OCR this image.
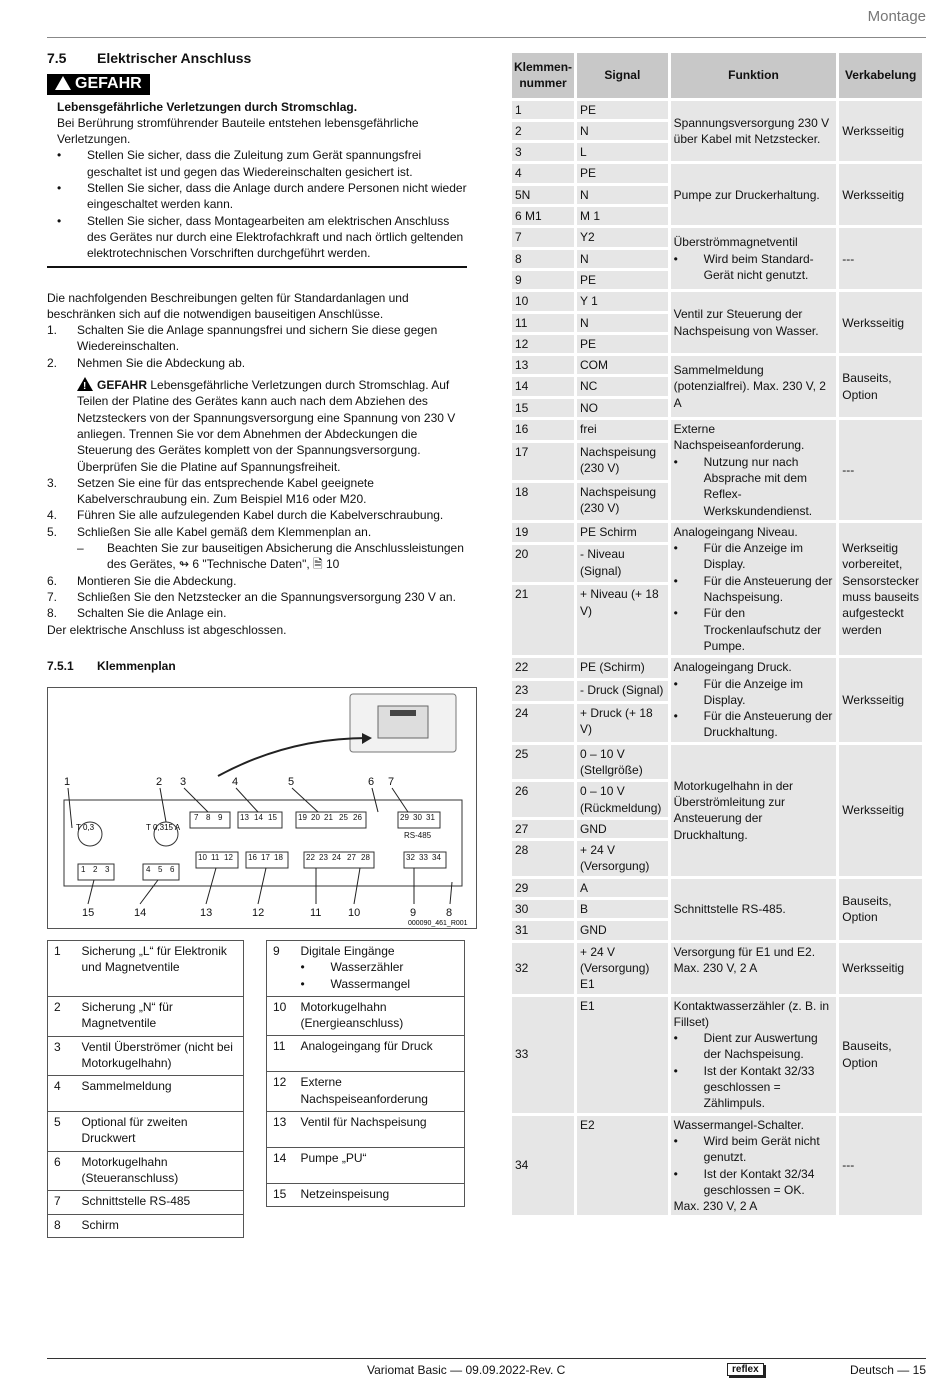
Montage
7.5 Elektrischer Anschluss
!GEFAHR
Lebensgefährliche Verletzungen durch Stromschlag.
Bei Berührung stromführender Bauteile entstehen lebensgefährliche Verletzungen.
• Stellen Sie sicher, dass die Zuleitung zum Gerät spannungsfrei geschaltet ist und gegen das Wiedereinschalten gesichert ist.
• Stellen Sie sicher, dass die Anlage durch andere Personen nicht wieder eingeschaltet werden kann.
• Stellen Sie sicher, dass Montagearbeiten am elektrischen Anschluss des Gerätes nur durch eine Elektrofachkraft und nach örtlich geltenden elektrotechnischen Vorschriften durchgeführt werden.
Die nachfolgenden Beschreibungen gelten für Standardanlagen und beschränken sich auf die notwendigen bauseitigen Anschlüsse.
1. Schalten Sie die Anlage spannungsfrei und sichern Sie diese gegen Wiedereinschalten.
2. Nehmen Sie die Abdeckung ab.
!GEFAHR Lebensgefährliche Verletzungen durch Stromschlag. Auf Teilen der Platine des Gerätes kann auch nach dem Abziehen des Netzsteckers von der Spannungsversorgung eine Spannung von 230 V anliegen. Trennen Sie vor dem Abnehmen der Abdeckungen die Steuerung des Gerätes komplett von der Spannungsversorgung. Überprüfen Sie die Platine auf Spannungsfreiheit.
3. Setzen Sie eine für das entsprechende Kabel geeignete Kabelverschraubung ein. Zum Beispiel M16 oder M20.
4. Führen Sie alle aufzulegenden Kabel durch die Kabelverschraubung.
5. Schließen Sie alle Kabel gemäß dem Klemmenplan an.
– Beachten Sie zur bauseitigen Absicherung die Anschlussleistungen des Gerätes, ↬ 6 "Technische Daten", 🗎 10
6. Montieren Sie die Abdeckung.
7. Schließen Sie den Netzstecker an die Spannungsversorgung 230 V an.
8. Schalten Sie die Anlage ein.
Der elektrische Anschluss ist abgeschlossen.
7.5.1 Klemmenplan
T 0,3	T 0,315 A
1 2 3	4 5 6
7 8 9
10 11 12
13 14 15
16 17 18
19 20 21 25 26
22 23 24 27 28
29 30 31
RS-485
32 33 34
1	2 3	4	5	6 7
15	14	13	12	11 10	9	8
000090_461_R001
1	Sicherung „L“ für Elektronik und Magnetventile
2	Sicherung „N“ für Magnetventile
3	Ventil Überströmer (nicht bei Motorkugelhahn)
4	Sammelmeldung
5	Optional für zweiten Druckwert
6	Motorkugelhahn (Steueranschluss)
7	Schnittstelle RS-485
8	Schirm
9	Digitale Eingänge
• Wasserzähler
• Wassermangel

10	Motorkugelhahn (Energieanschluss)
11	Analogeingang für Druck
12	Externe Nachspeiseanforderung
13	Ventil für Nachspeisung
14	Pumpe „PU“
15	Netzeinspeisung
Klemmen-nummer	Signal	Funktion	Verkabelung
1	PE	Spannungsversorgung 230 V über Kabel mit Netzstecker.	Werksseitig
2	N		
3	L		
4	PE	Pumpe zur Druckerhaltung.	Werksseitig
5N	N		
6 M1	M 1		
7	Y2	Überströmmagnetventil
• Wird beim Standard-Gerät nicht genutzt.	---
8	N		
9	PE		
10	Y 1	Ventil zur Steuerung der Nachspeisung von Wasser.	Werksseitig
11	N		
12	PE		
13	COM	Sammelmeldung (potenzialfrei). Max. 230 V, 2 A	Bauseits, Option
14	NC		
15	NO		
16	frei	Externe Nachspeiseanforderung.
• Nutzung nur nach Absprache mit dem Reflex-Werkskundendienst.	---
17	Nachspeisung (230 V)		
18	Nachspeisung (230 V)		
19	PE Schirm	Analogeingang Niveau.
• Für die Anzeige im Display.
• Für die Ansteuerung der Nachspeisung.
• Für den Trockenlaufschutz der Pumpe.	Werkseitig vorbereitet, Sensorstecker muss bauseits aufgesteckt werden
20	- Niveau (Signal)		
21	+ Niveau (+ 18 V)		
22	PE (Schirm)	Analogeingang Druck.
• Für die Anzeige im Display.
• Für die Ansteuerung der Druckhaltung.	Werksseitig
23	- Druck (Signal)		
24	+ Druck (+ 18 V)		
25	0 – 10 V (Stellgröße)	Motorkugelhahn in der Überströmleitung zur Ansteuerung der Druckhaltung.	Werksseitig
26	0 – 10 V (Rückmeldung)		
27	GND		
28	+ 24 V (Versorgung)		
29	A	Schnittstelle RS-485.	Bauseits, Option
30	B		
31	GND		
32	+ 24 V (Versorgung) E1	Versorgung für E1 und E2. Max. 230 V, 2 A	Werksseitig
33	E1	Kontaktwasserzähler (z. B. in Fillset)
• Dient zur Auswertung der Nachspeisung.
• Ist der Kontakt 32/33 geschlossen = Zählimpuls.	Bauseits, Option
34	E2	Wassermangel-Schalter.
• Wird beim Gerät nicht genutzt.
• Ist der Kontakt 32/34 geschlossen = OK.
Max. 230 V, 2 A	---
Variomat Basic — 09.09.2022-Rev. C	reflex	Deutsch — 15
